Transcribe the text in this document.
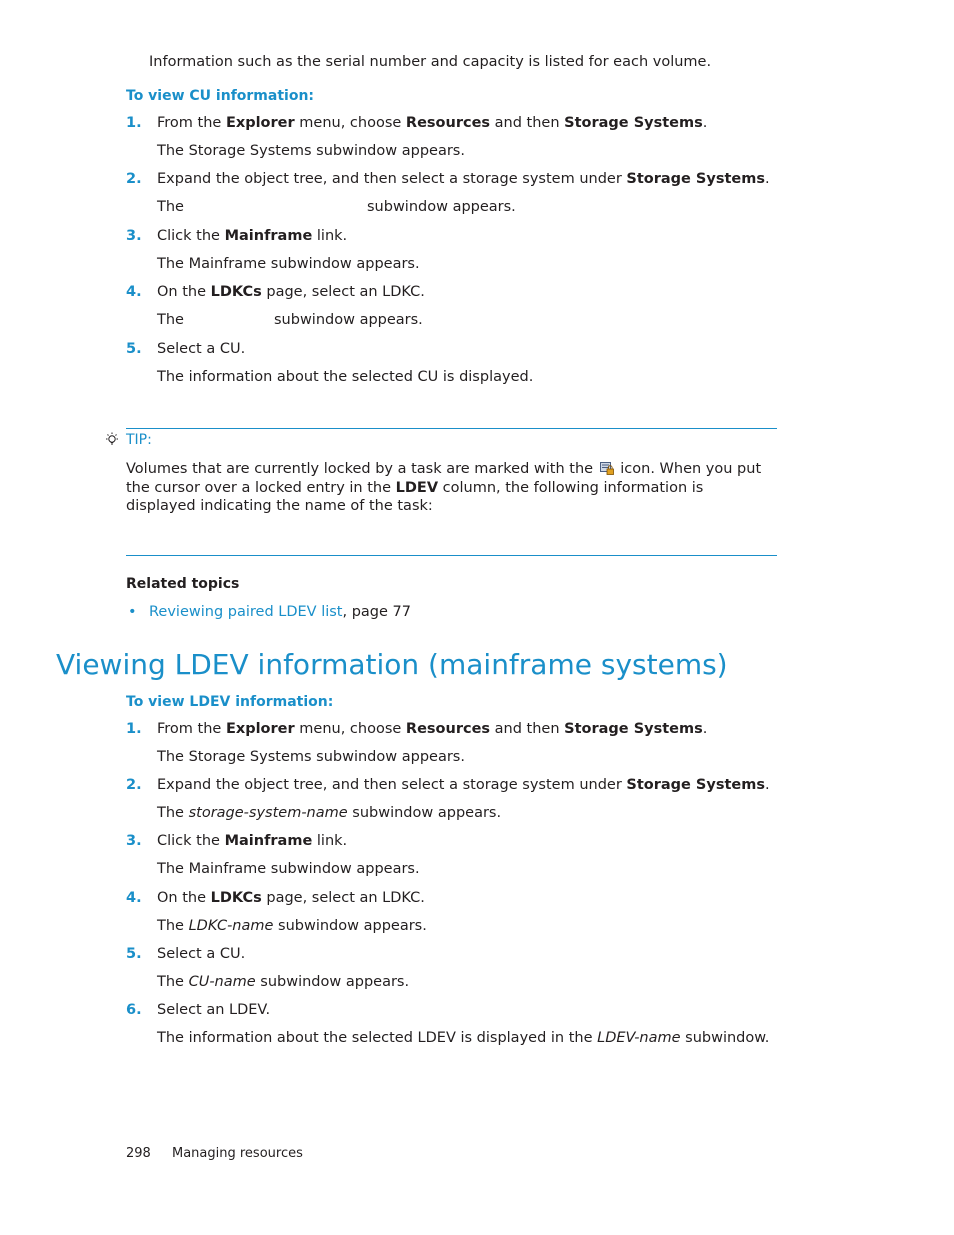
Information such as the serial number and capacity is listed for each volume.
To view CU information:
1. From the Explorer menu, choose Resources and then Storage Systems.
The Storage Systems subwindow appears.
2. Expand the object tree, and then select a storage system under Storage Systems.
The	subwindow appears.
3. Click the Mainframe link.
The Mainframe subwindow appears.
4. On the LDKCs page, select an LDKC.
The	subwindow appears.
5. Select a CU.
The information about the selected CU is displayed.
TIP:
Volumes that are currently locked by a task are marked with the  icon. When you put the cursor over a locked entry in the LDEV column, the following information is displayed indicating the name of the task:
Related topics
• Reviewing paired LDEV list, page 77
Viewing LDEV information (mainframe systems)
To view LDEV information:
1. From the Explorer menu, choose Resources and then Storage Systems.
The Storage Systems subwindow appears.
2. Expand the object tree, and then select a storage system under Storage Systems.
The storage-system-name subwindow appears.
3. Click the Mainframe link.
The Mainframe subwindow appears.
4. On the LDKCs page, select an LDKC.
The LDKC-name subwindow appears.
5. Select a CU.
The CU-name subwindow appears.
6. Select an LDEV.
The information about the selected LDEV is displayed in the LDEV-name subwindow.
298 Managing resources
